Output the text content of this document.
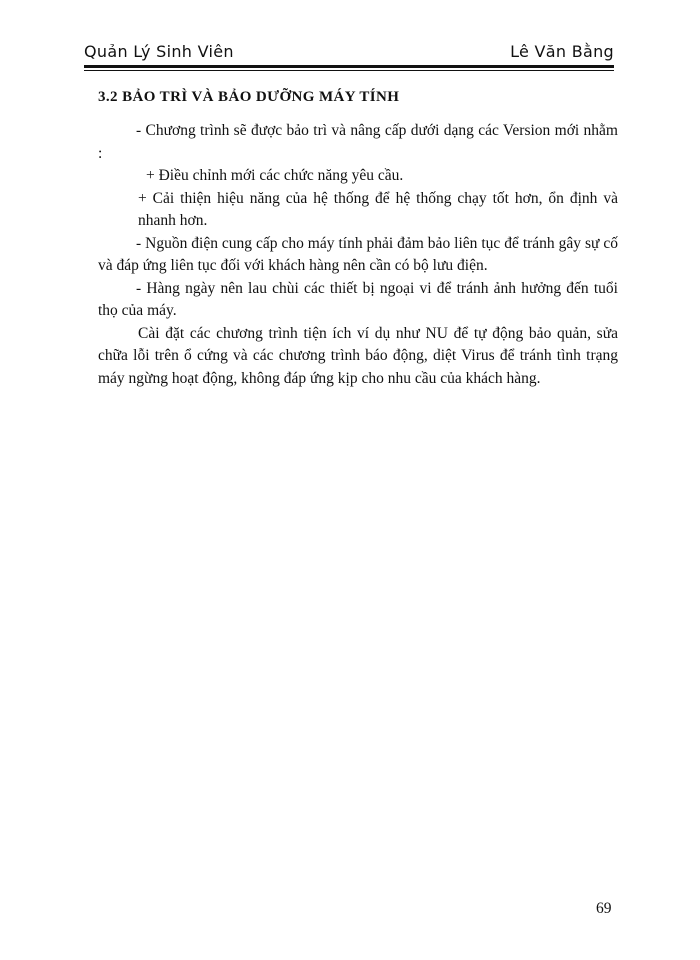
Quản Lý Sinh Viên	Lê Văn Bằng
3.2 BẢO TRÌ VÀ BẢO DƯỠNG MÁY TÍNH

- Chương trình sẽ được bảo trì và nâng cấp dưới dạng các Version mới nhằm :

+ Điều chỉnh mới các chức năng yêu cầu.

+ Cải thiện hiệu năng của hệ thống để hệ thống chạy tốt hơn, ổn định và nhanh hơn.

- Nguồn điện cung cấp cho máy tính phải đảm bảo liên tục để tránh gây sự cố và đáp ứng liên tục đối với khách hàng nên cần có bộ lưu điện.

- Hàng ngày nên lau chùi các thiết bị ngoại vi để tránh ảnh hưởng đến tuổi thọ của máy.

Cài đặt các chương trình tiện ích ví dụ như NU để tự động bảo quản, sửa chữa lỗi trên ổ cứng và các chương trình báo động, diệt Virus để tránh tình trạng máy ngừng hoạt động, không đáp ứng kịp cho nhu cầu của khách hàng.

69
